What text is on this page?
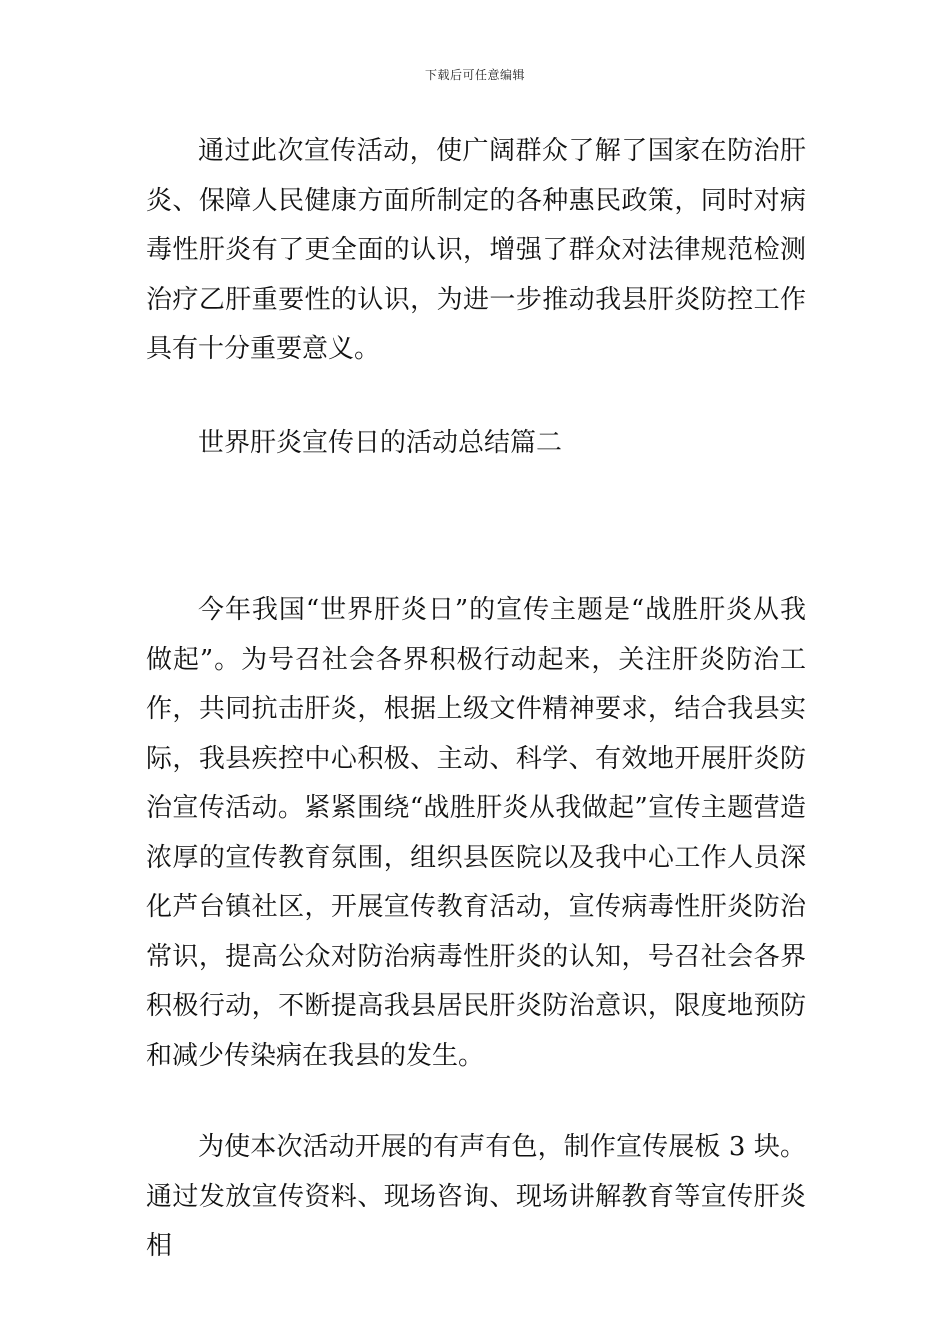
下载后可任意编辑

通过此次宣传活动，使广阔群众了解了国家在防治肝炎、保障人民健康方面所制定的各种惠民政策，同时对病毒性肝炎有了更全面的认识，增强了群众对法律规范检测治疗乙肝重要性的认识，为进一步推动我县肝炎防控工作具有十分重要意义。

世界肝炎宣传日的活动总结篇二

今年我国“世界肝炎日”的宣传主题是“战胜肝炎从我做起”。为号召社会各界积极行动起来，关注肝炎防治工作，共同抗击肝炎，根据上级文件精神要求，结合我县实际，我县疾控中心积极、主动、科学、有效地开展肝炎防治宣传活动。紧紧围绕“战胜肝炎从我做起”宣传主题营造浓厚的宣传教育氛围，组织县医院以及我中心工作人员深化芦台镇社区，开展宣传教育活动，宣传病毒性肝炎防治常识，提高公众对防治病毒性肝炎的认知，号召社会各界积极行动，不断提高我县居民肝炎防治意识，限度地预防和减少传染病在我县的发生。

为使本次活动开展的有声有色，制作宣传展板 3 块。通过发放宣传资料、现场咨询、现场讲解教育等宣传肝炎相
